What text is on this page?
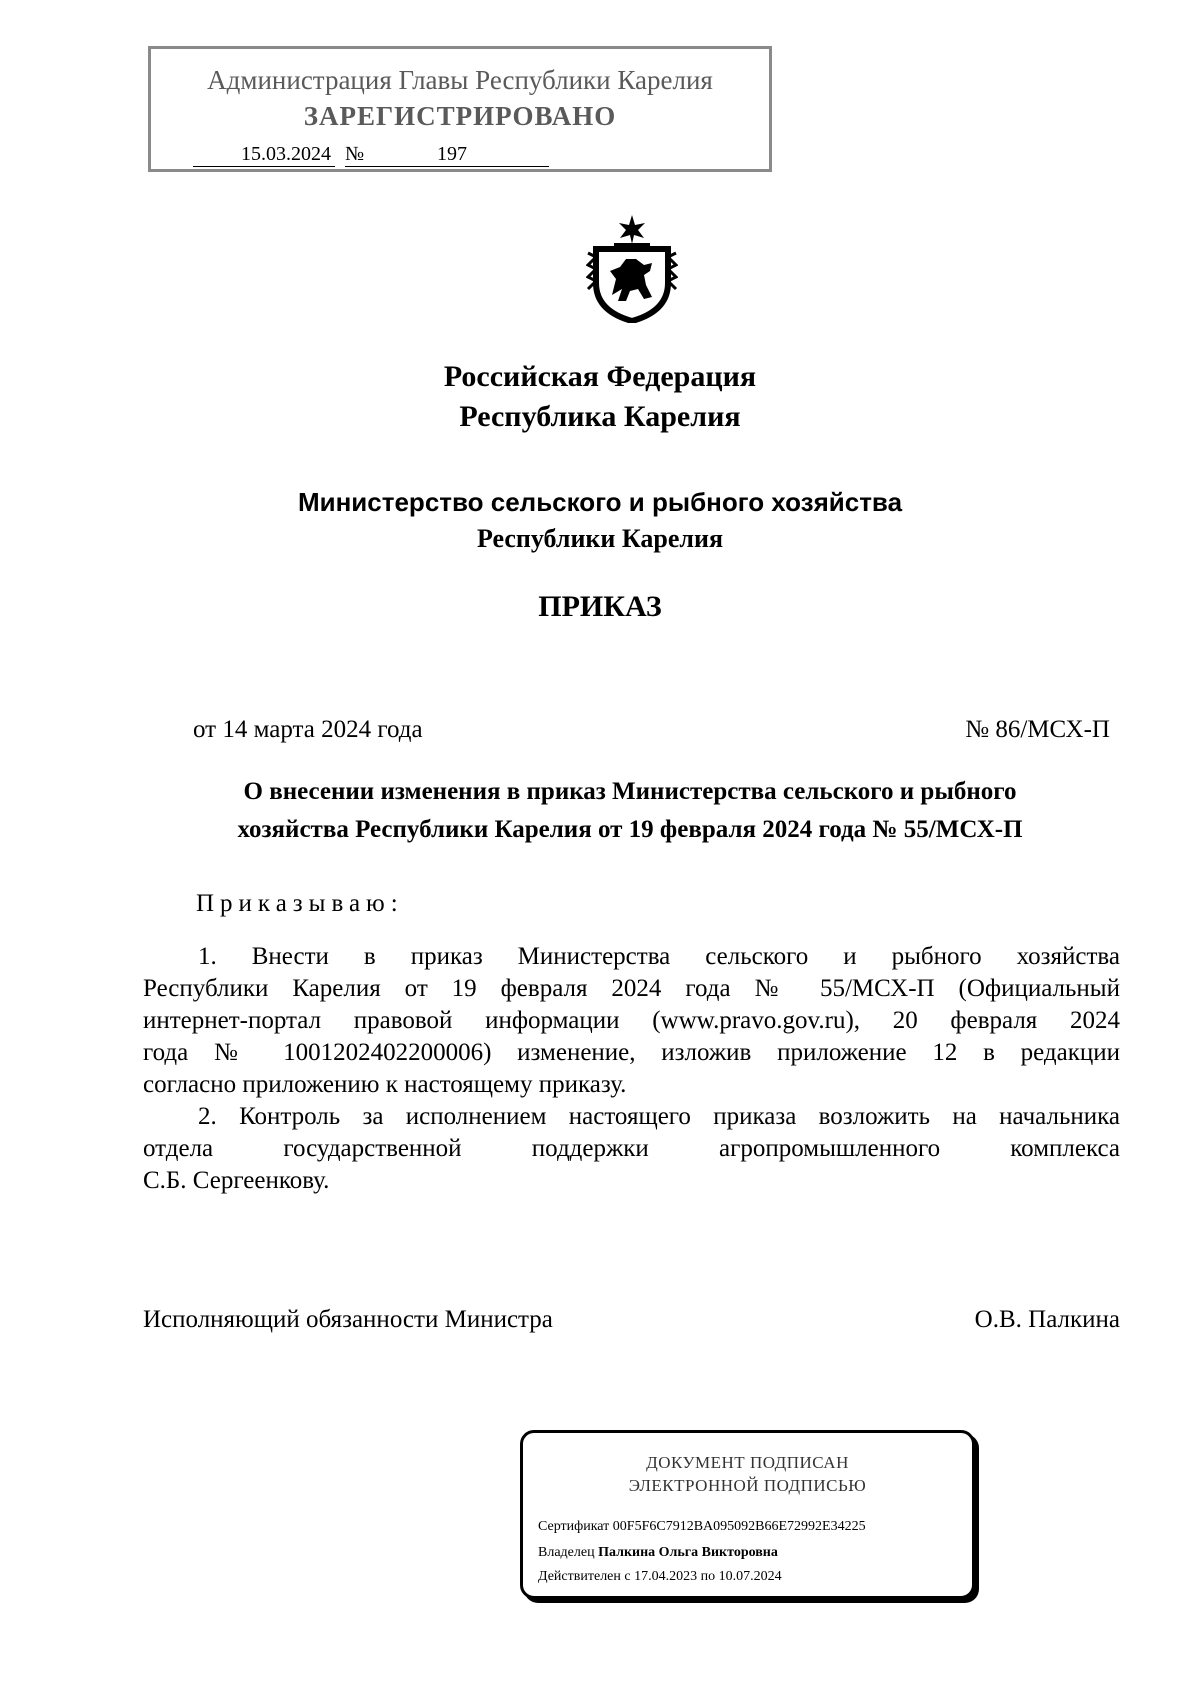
Администрация Главы Республики Карелия
ЗАРЕГИСТРИРОВАНО
15.03.2024 №	197
Российская Федерация
Республика Карелия
Министерство сельского и рыбного хозяйства
Республики Карелия
ПРИКАЗ
от 14 марта 2024 года	№ 86/МСХ-П
О внесении изменения в приказ Министерства сельского и рыбного
хозяйства Республики Карелия от 19 февраля 2024 года № 55/МСХ-П
Приказываю:
1. Внести в приказ Министерства сельского и рыбного хозяйства
Республики Карелия от 19 февраля 2024 года № 55/МСХ-П (Официальный
интернет-портал правовой информации (www.pravo.gov.ru), 20 февраля 2024
года № 1001202402200006) изменение, изложив приложение 12 в редакции
согласно приложению к настоящему приказу.
2. Контроль за исполнением настоящего приказа возложить на начальника
отдела государственной поддержки агропромышленного комплекса
С.Б. Сергеенкову.
Исполняющий обязанности Министра	О.В. Палкина
ДОКУМЕНТ ПОДПИСАН
ЭЛЕКТРОННОЙ ПОДПИСЬЮ
Сертификат 00F5F6C7912BA095092B66E72992E34225
Владелец Палкина Ольга Викторовна
Действителен с 17.04.2023 по 10.07.2024
